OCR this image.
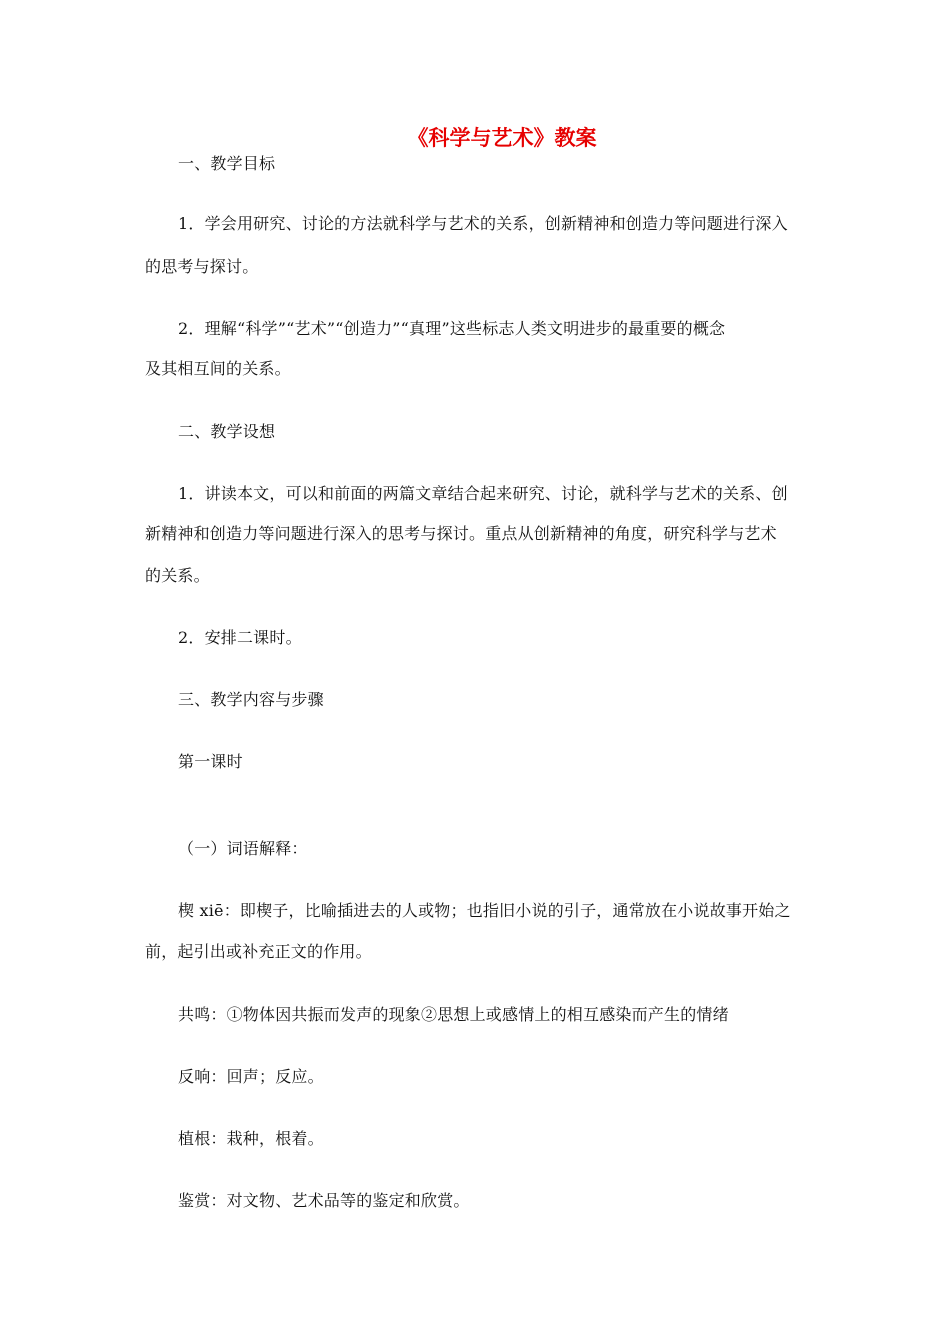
《科学与艺术》教案
一、教学目标
1．学会用研究、讨论的方法就科学与艺术的关系，创新精神和创造力等问题进行深入
的思考与探讨。
2．理解“科学”“艺术”“创造力”“真理”这些标志人类文明进步的最重要的概念
及其相互间的关系。
二、教学设想
1．讲读本文，可以和前面的两篇文章结合起来研究、讨论，就科学与艺术的关系、创
新精神和创造力等问题进行深入的思考与探讨。重点从创新精神的角度，研究科学与艺术
的关系。
2．安排二课时。
三、教学内容与步骤
第一课时
（一）词语解释：
楔 xiē：即楔子，比喻插进去的人或物；也指旧小说的引子，通常放在小说故事开始之
前，起引出或补充正文的作用。
共鸣：①物体因共振而发声的现象②思想上或感情上的相互感染而产生的情绪
反响：回声；反应。
植根：栽种，根着。
鉴赏：对文物、艺术品等的鉴定和欣赏。
